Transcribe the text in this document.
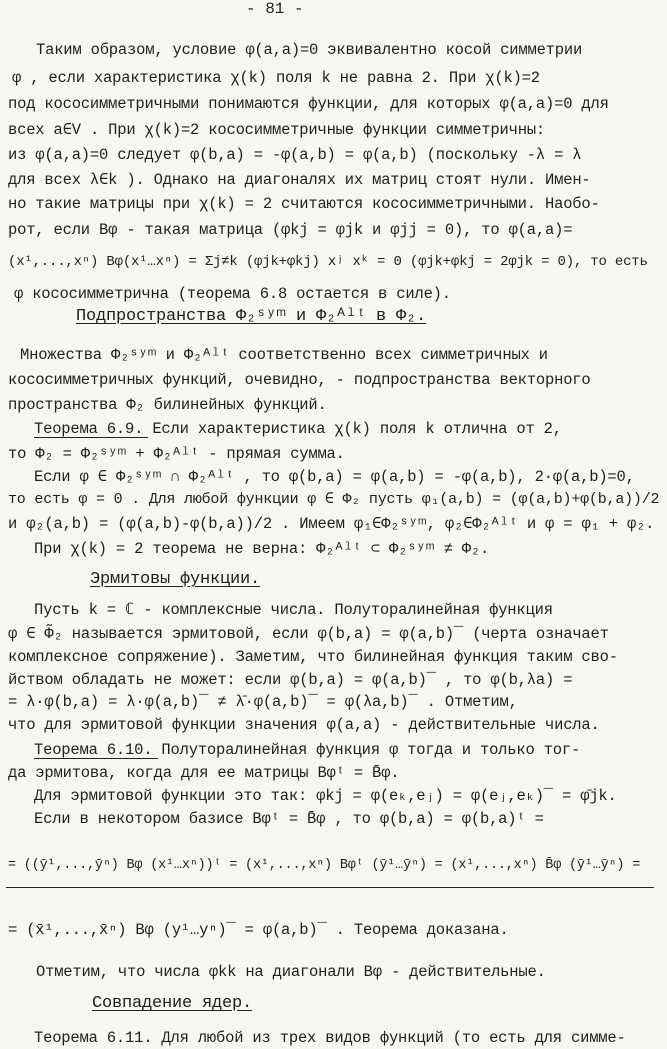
- 81 -
Таким образом, условие φ(a,a)=0 эквивалентно косой симметрии
φ , если характеристика χ(k) поля k не равна 2. При χ(k)=2
под кососимметричными понимаются функции, для которых φ(a,a)=0 для
всех a∈V . При χ(k)=2 кососимметричные функции симметричны:
из φ(a,a)=0 следует φ(b,a) = -φ(a,b) = φ(a,b) (поскольку -λ = λ
для всех λ∈k ). Однако на диагоналях их матриц стоят нули. Имен-
но такие матрицы при χ(k) = 2 считаются кососимметричными. Наобо-
рот, если Bφ - такая матрица (φkj = φjk и φjj = 0), то φ(a,a)=
(x¹,...,xⁿ) Bφ(x¹…xⁿ) = Σj≠k (φjk+φkj) xʲ xᵏ = 0 (φjk+φkj = 2φjk = 0), то есть
φ кососимметрична (теорема 6.8 остается в силе).
Подпространства Φ₂ˢʸᵐ и Φ₂ᴬˡᵗ в Φ₂.
Множества Φ₂ˢʸᵐ и Φ₂ᴬˡᵗ соответственно всех симметричных и
кососимметричных функций, очевидно, - подпространства векторного
пространства Φ₂ билинейных функций.
Теорема 6.9. Если характеристика χ(k) поля k отлична от 2,
то Φ₂ = Φ₂ˢʸᵐ + Φ₂ᴬˡᵗ - прямая сумма.
Если φ ∈ Φ₂ˢʸᵐ ∩ Φ₂ᴬˡᵗ , то φ(b,a) = φ(a,b) = -φ(a,b), 2·φ(a,b)=0,
то есть φ = 0 . Для любой функции φ ∈ Φ₂ пусть φ₁(a,b) = (φ(a,b)+φ(b,a))/2
и φ₂(a,b) = (φ(a,b)-φ(b,a))/2 . Имеем φ₁∈Φ₂ˢʸᵐ, φ₂∈Φ₂ᴬˡᵗ и φ = φ₁ + φ₂.
При χ(k) = 2 теорема не верна: Φ₂ᴬˡᵗ ⊂ Φ₂ˢʸᵐ ≠ Φ₂.
Эрмитовы функции.
Пусть k = ℂ - комплексные числа. Полуторалинейная функция
φ ∈ Φ̃₂ называется эрмитовой, если φ(b,a) = φ(a,b)‾ (черта означает
комплексное сопряжение). Заметим, что билинейная функция таким сво-
йством обладать не может: если φ(b,a) = φ(a,b)‾ , то φ(b,λa) =
= λ·φ(b,a) = λ·φ(a,b)‾ ≠ λ̄·φ(a,b)‾ = φ(λa,b)‾ . Отметим,
что для эрмитовой функции значения φ(a,a) - действительные числа.
Теорема 6.10. Полуторалинейная функция φ тогда и только тог-
да эрмитова, когда для ее матрицы Bφᵗ = B̄φ.
Для эрмитовой функции это так: φkj = φ(eₖ,eⱼ) = φ(eⱼ,eₖ)‾ = φ̄jk.
Если в некотором базисе Bφᵗ = B̄φ , то φ(b,a) = φ(b,a)ᵗ =
= ((ȳ¹,...,ȳⁿ) Bφ (x¹…xⁿ))ᵗ = (x¹,...,xⁿ) Bφᵗ (ȳ¹…ȳⁿ) = (x¹,...,xⁿ) B̄φ (ȳ¹…ȳⁿ) =
= (x̄¹,...,x̄ⁿ) Bφ (y¹…yⁿ)‾ = φ(a,b)‾ . Теорема доказана.
Отметим, что числа φkk на диагонали Bφ - действительные.
Совпадение ядер.
Теорема 6.11. Для любой из трех видов функций (то есть для симме-
